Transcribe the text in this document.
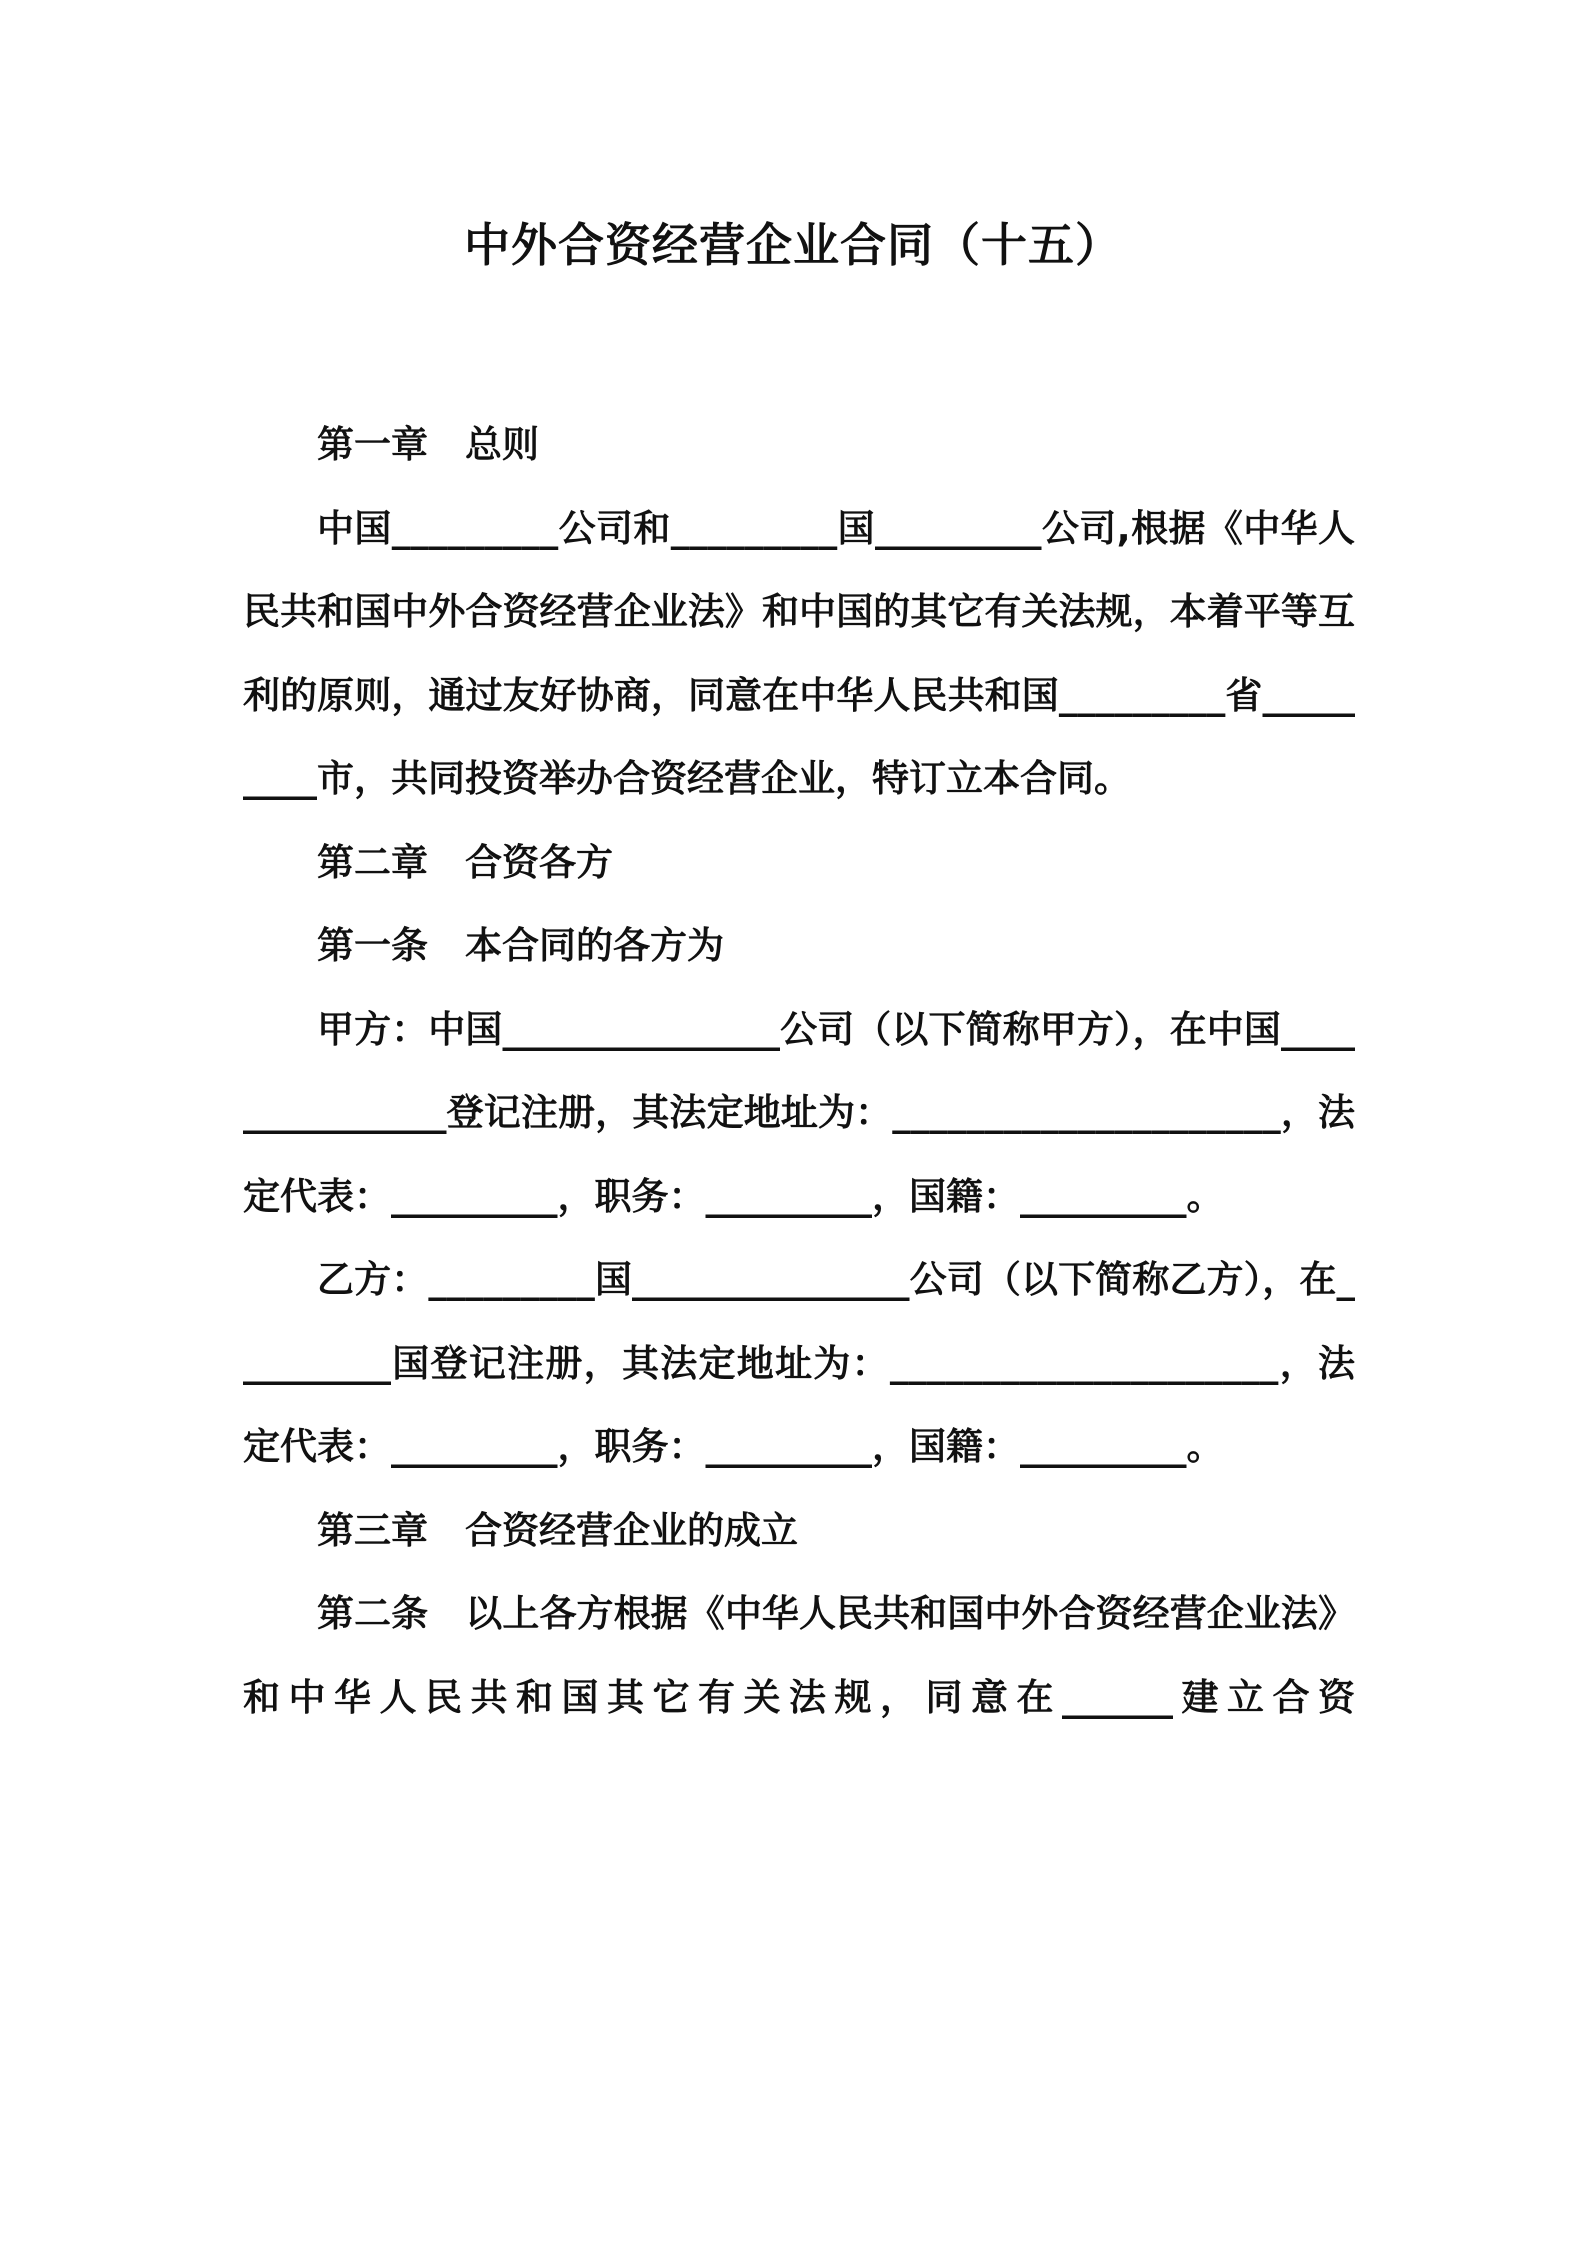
中外合资经营企业合同（十五）

第一章　总则

中国_________公司和_________国_________公司,根据《中华人民共和国中外合资经营企业法》和中国的其它有关法规，本着平等互利的原则，通过友好协商，同意在中华人民共和国_________省_________市，共同投资举办合资经营企业，特订立本合同。

第二章　合资各方

第一条　本合同的各方为

甲方：中国_______________公司（以下简称甲方），在中国_______________登记注册，其法定地址为：_____________________，法定代表：_________，职务：_________，国籍：_________。

乙方：_________国_______________公司（以下简称乙方），在_________国登记注册，其法定地址为：_____________________，法定代表：_________，职务：_________，国籍：_________。

第三章　合资经营企业的成立

第二条　以上各方根据《中华人民共和国中外合资经营企业法》和中华人民共和国其它有关法规，同意在______建立合资
